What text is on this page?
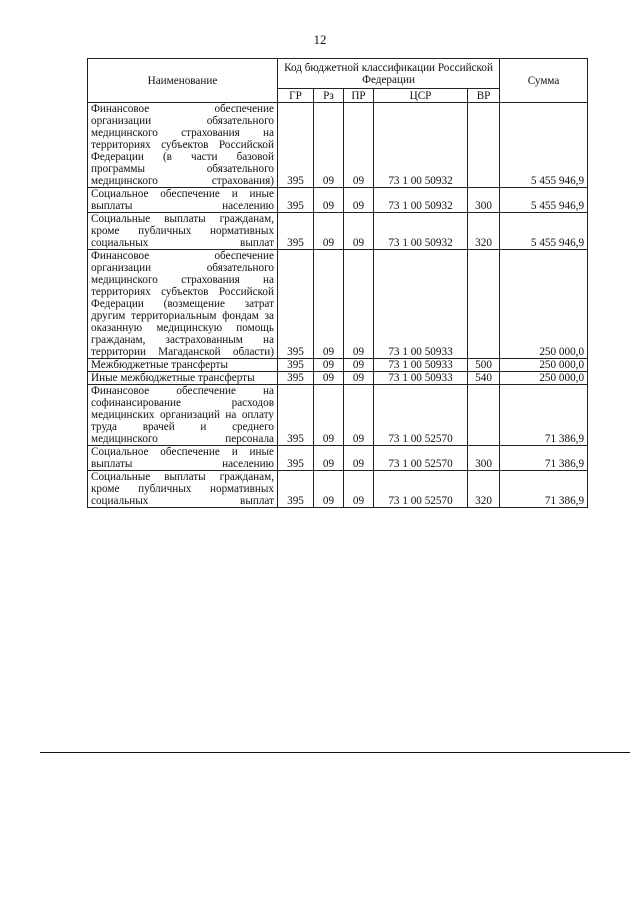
12
Наименование	Код бюджетной классификации Российской Федерации					Сумма
	ГР	Рз	ПР	ЦСР	ВР	
Финансовое обеспечение организации обязательного медицинского страхования на территориях субъектов Российской Федерации (в части базовой программы обязательного медицинского страхования)	395	09	09	73 1 00 50932		5 455 946,9
Социальное обеспечение и иные выплаты населению	395	09	09	73 1 00 50932	300	5 455 946,9
Социальные выплаты гражданам, кроме публичных нормативных социальных выплат	395	09	09	73 1 00 50932	320	5 455 946,9
Финансовое обеспечение организации обязательного медицинского страхования на территориях субъектов Российской Федерации (возмещение затрат другим территориальным фондам за оказанную медицинскую помощь гражданам, застрахованным на территории Магаданской области)	395	09	09	73 1 00 50933		250 000,0
Межбюджетные трансферты	395	09	09	73 1 00 50933	500	250 000,0
Иные межбюджетные трансферты	395	09	09	73 1 00 50933	540	250 000,0
Финансовое обеспечение на софинансирование расходов медицинских организаций на оплату труда врачей и среднего медицинского персонала	395	09	09	73 1 00 52570		71 386,9
Социальное обеспечение и иные выплаты населению	395	09	09	73 1 00 52570	300	71 386,9
Социальные выплаты гражданам, кроме публичных нормативных социальных выплат	395	09	09	73 1 00 52570	320	71 386,9
